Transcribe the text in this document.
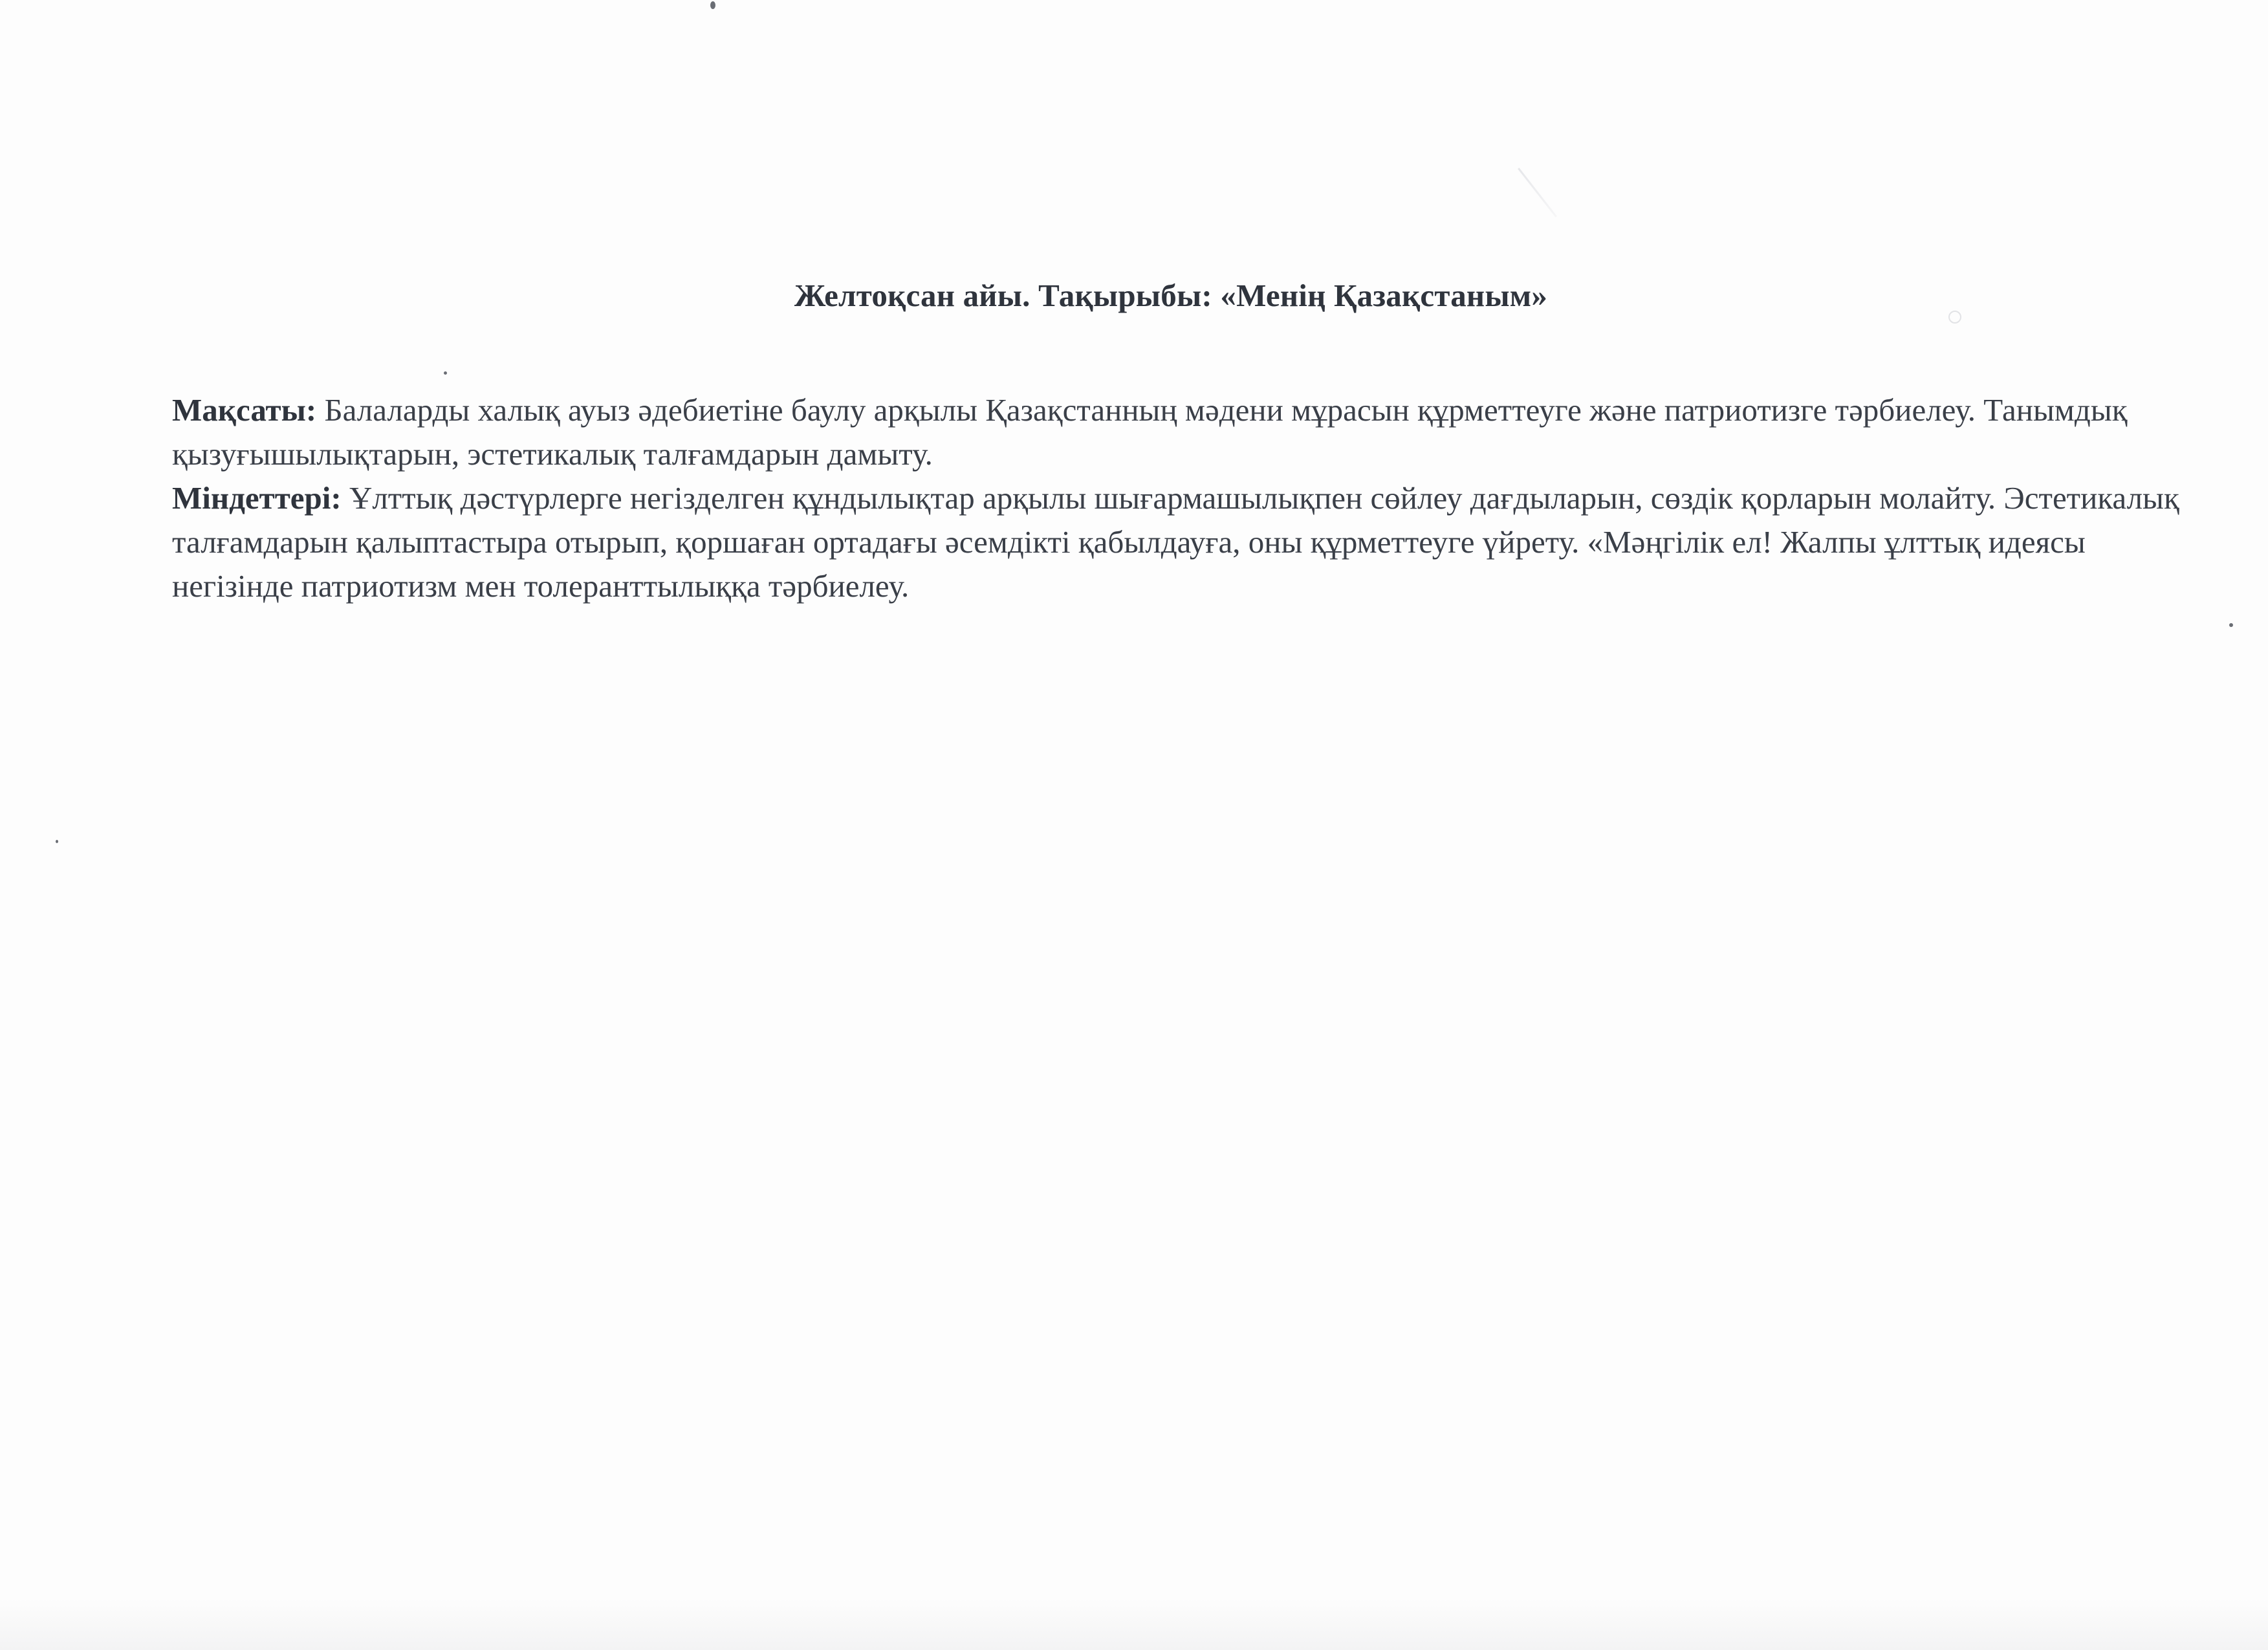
Желтоқсан айы. Тақырыбы: «Менің Қазақстаным»

Мақсаты: Балаларды халық ауыз әдебиетіне баулу арқылы Қазақстанның мәдени мұрасын құрметтеуге және патриотизге тәрбиелеу. Танымдық қызуғышылықтарын, эстетикалық талғамдарын дамыту.

Міндеттері: Ұлттық дәстүрлерге негізделген құндылықтар арқылы шығармашылықпен сөйлеу дағдыларын, сөздік қорларын молайту. Эстетикалық талғамдарын қалыптастыра отырып, қоршаған ортадағы әсемдікті қабылдауға, оны құрметтеуге үйрету. «Мәңгілік ел! Жалпы ұлттық идеясы негізінде патриотизм мен толеранттылыққа тәрбиелеу.
